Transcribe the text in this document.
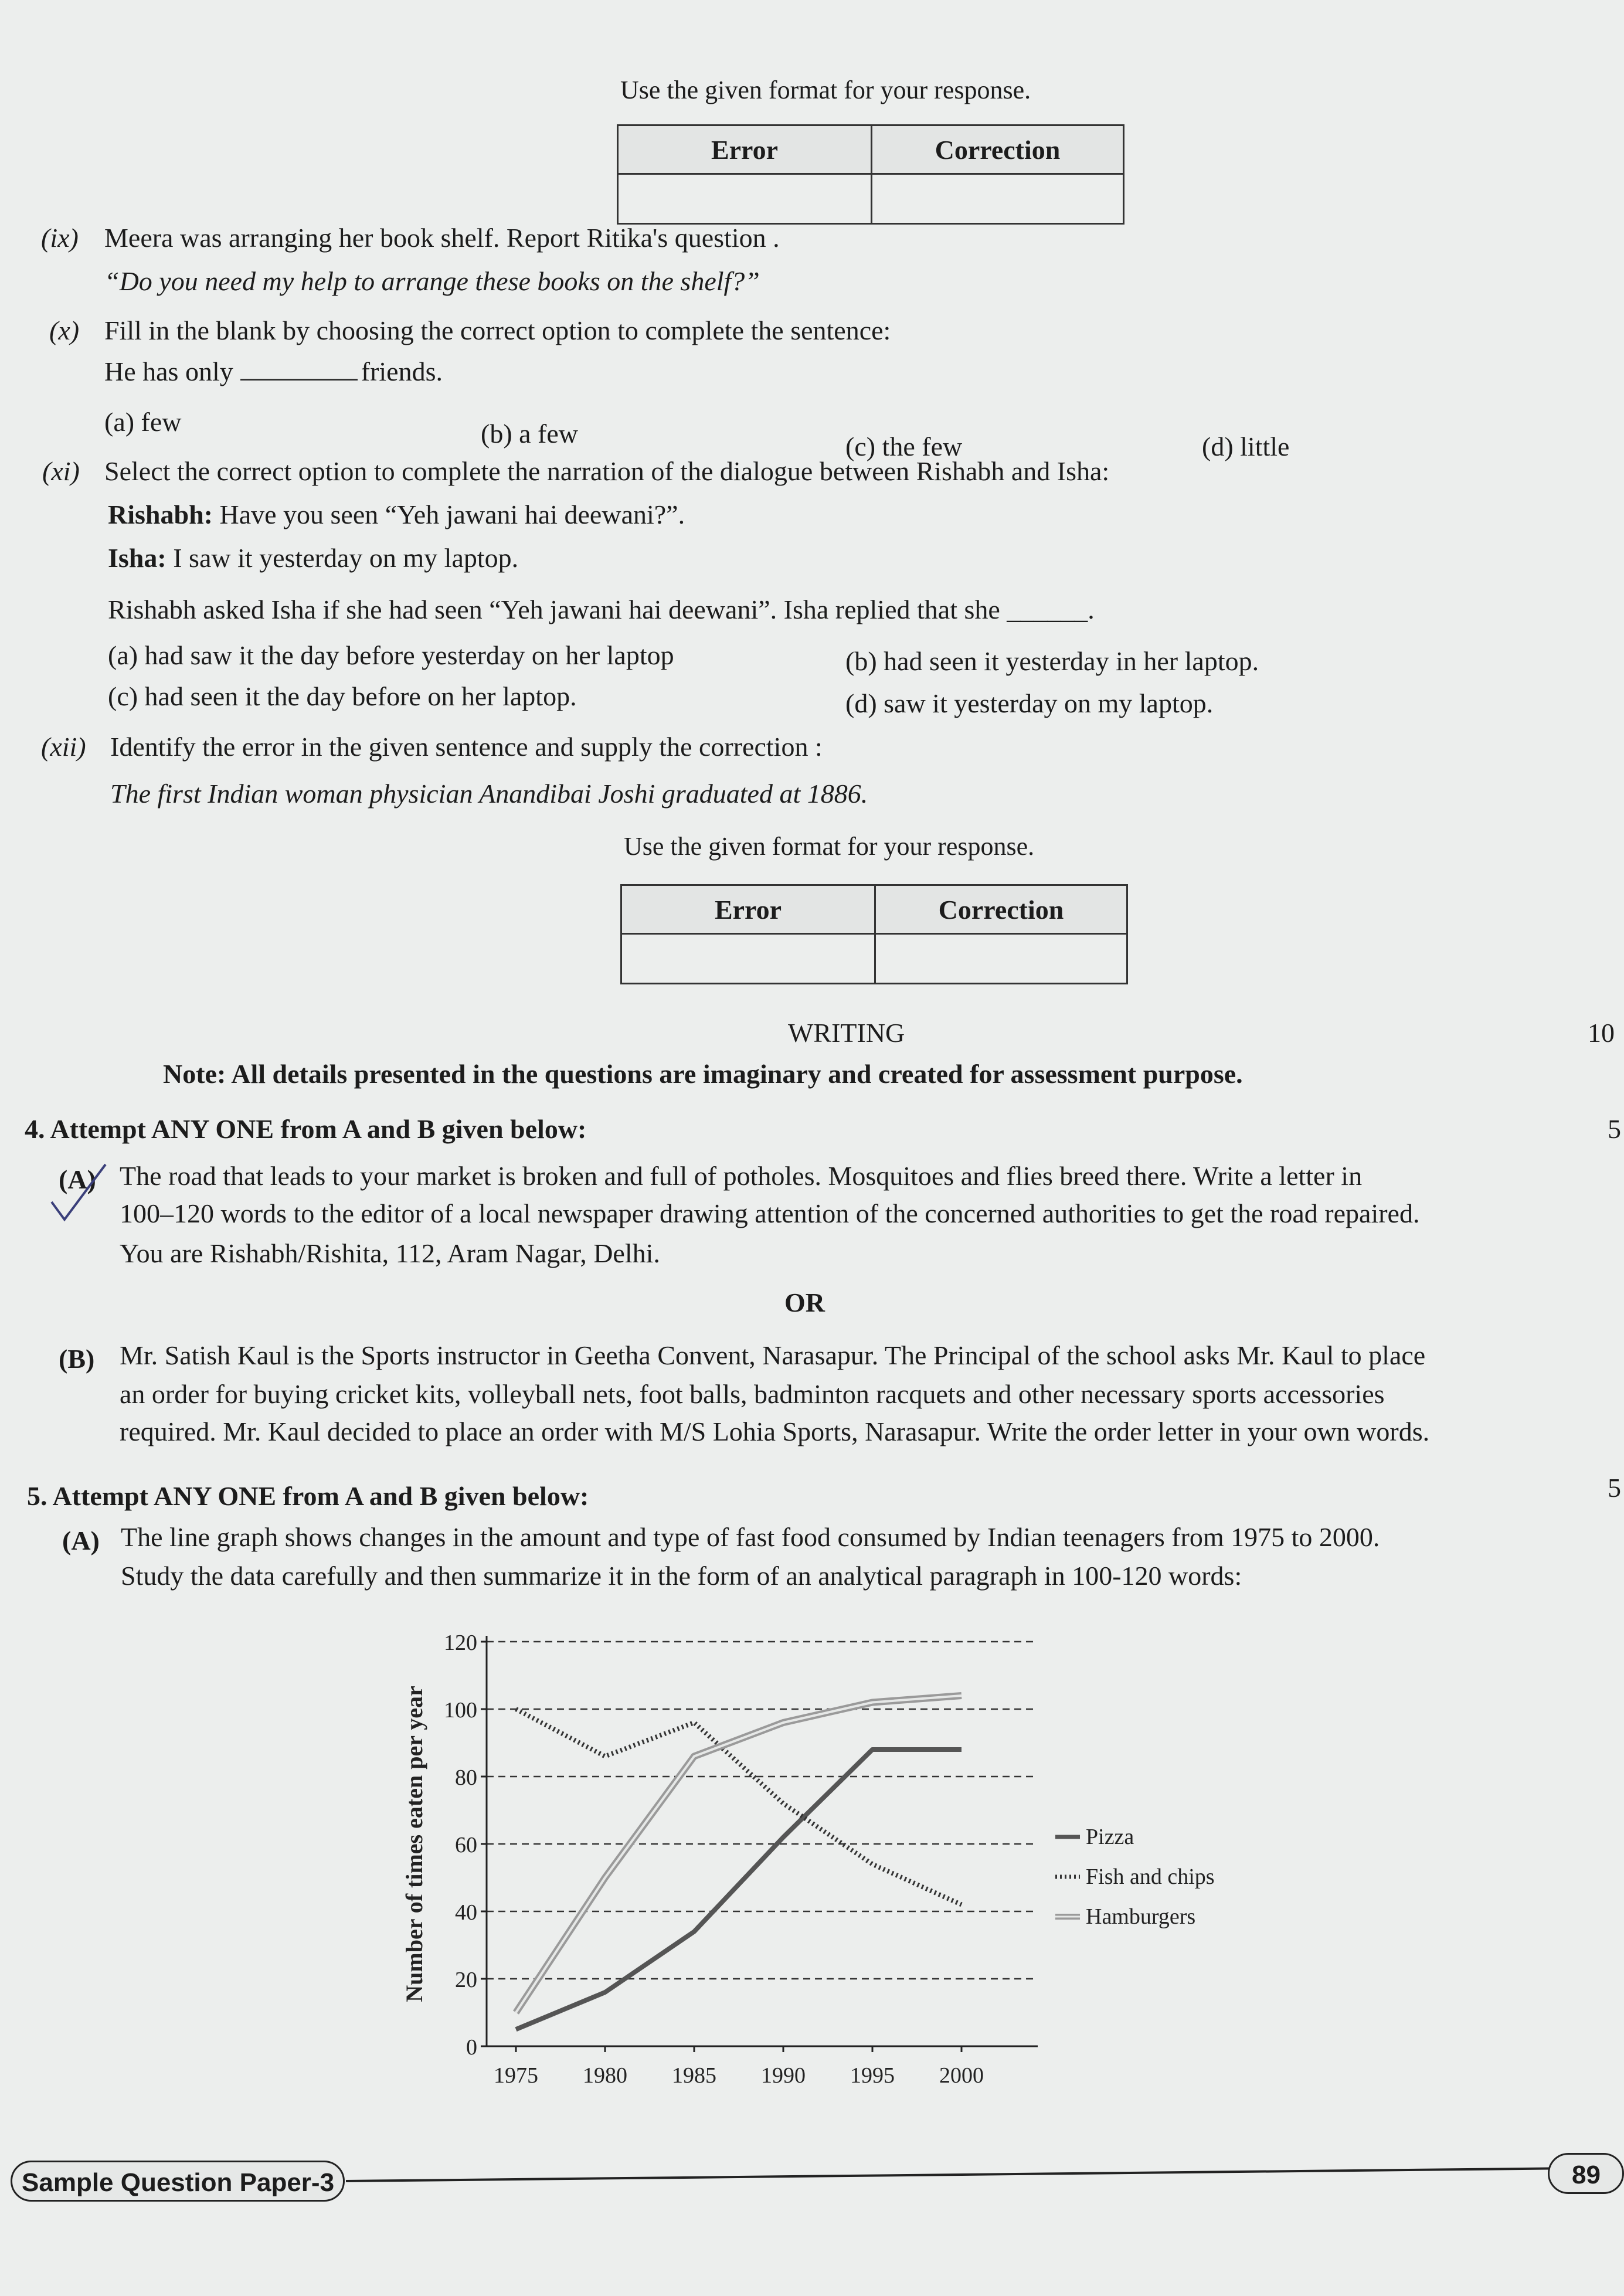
Use the given format for your response.
Error	Correction

(ix) Meera was arranging her book shelf. Report Ritika's question .
“Do you need my help to arrange these books on the shelf?”
(x) Fill in the blank by choosing the correct option to complete the sentence:
He has only	friends.
(a) few	(b) a few	(c) the few	(d) little
(xi) Select the correct option to complete the narration of the dialogue between Rishabh and Isha:
Rishabh: Have you seen “Yeh jawani hai deewani?”.
Isha: I saw it yesterday on my laptop.
Rishabh asked Isha if she had seen “Yeh jawani hai deewani”. Isha replied that she ______.
(a) had saw it the day before yesterday on her laptop	(b) had seen it yesterday in her laptop.
(c) had seen it the day before on her laptop.	(d) saw it yesterday on my laptop.
(xii) Identify the error in the given sentence and supply the correction :
The first Indian woman physician Anandibai Joshi graduated at 1886.
Use the given format for your response.
Error	Correction

WRITING	10
Note: All details presented in the questions are imaginary and created for assessment purpose.
4. Attempt ANY ONE from A and B given below:	5
(A) The road that leads to your market is broken and full of potholes. Mosquitoes and flies breed there. Write a letter in
100–120 words to the editor of a local newspaper drawing attention of the concerned authorities to get the road repaired.
You are Rishabh/Rishita, 112, Aram Nagar, Delhi.
OR
(B) Mr. Satish Kaul is the Sports instructor in Geetha Convent, Narasapur. The Principal of the school asks Mr. Kaul to place
an order for buying cricket kits, volleyball nets, foot balls, badminton racquets and other necessary sports accessories
required. Mr. Kaul decided to place an order with M/S Lohia Sports, Narasapur. Write the order letter in your own words.
5. Attempt ANY ONE from A and B given below:	5
(A) The line graph shows changes in the amount and type of fast food consumed by Indian teenagers from 1975 to 2000.
Study the data carefully and then summarize it in the form of an analytical paragraph in 100-120 words:
0
20
40
60
80
100
120
1975 1980 1985 1990 1995 2000
Number of times eaten per year	Pizza
Fish and chips
Hamburgers
Sample Question Paper-3	89
